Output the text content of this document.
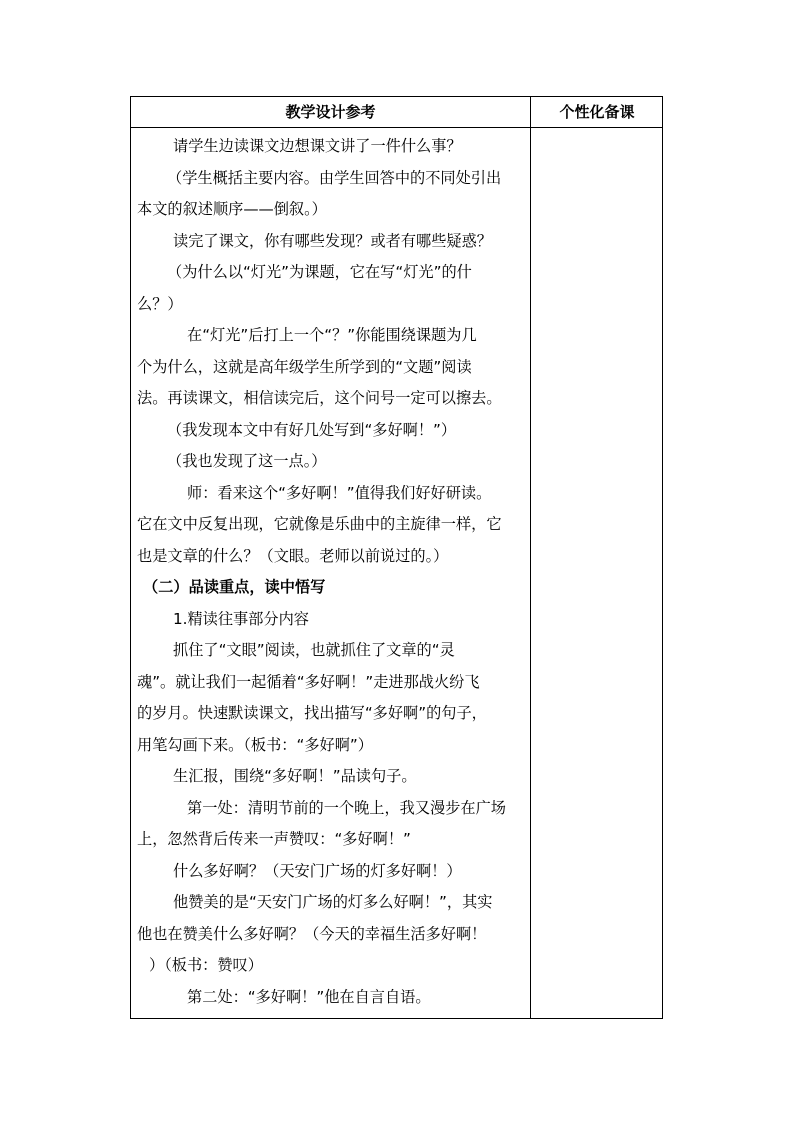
教学设计参考	个性化备课
请学生边读课文边想课文讲了一件什么事？
（学生概括主要内容。由学生回答中的不同处引出
本文的叙述顺序——倒叙。）
读完了课文，你有哪些发现？或者有哪些疑惑？
（为什么以“灯光”为课题，它在写“灯光”的什
么？）
在“灯光”后打上一个“？”你能围绕课题为几
个为什么，这就是高年级学生所学到的“文题”阅读
法。再读课文，相信读完后，这个问号一定可以擦去。
（我发现本文中有好几处写到“多好啊！”）
（我也发现了这一点。）
师：看来这个“多好啊！”值得我们好好研读。
它在文中反复出现，它就像是乐曲中的主旋律一样，它
也是文章的什么？（文眼。老师以前说过的。）
（二）品读重点，读中悟写
1.精读往事部分内容
抓住了“文眼”阅读，也就抓住了文章的“灵
魂”。就让我们一起循着“多好啊！”走进那战火纷飞
的岁月。快速默读课文，找出描写“多好啊”的句子，
用笔勾画下来。（板书：“多好啊”）
生汇报，围绕“多好啊！”品读句子。
第一处：清明节前的一个晚上，我又漫步在广场
上，忽然背后传来一声赞叹：“多好啊！”
什么多好啊？（天安门广场的灯多好啊！）
他赞美的是“天安门广场的灯多么好啊！”，其实
他也在赞美什么多好啊？（今天的幸福生活多好啊！
）（板书：赞叹）
第二处：“多好啊！”他在自言自语。
